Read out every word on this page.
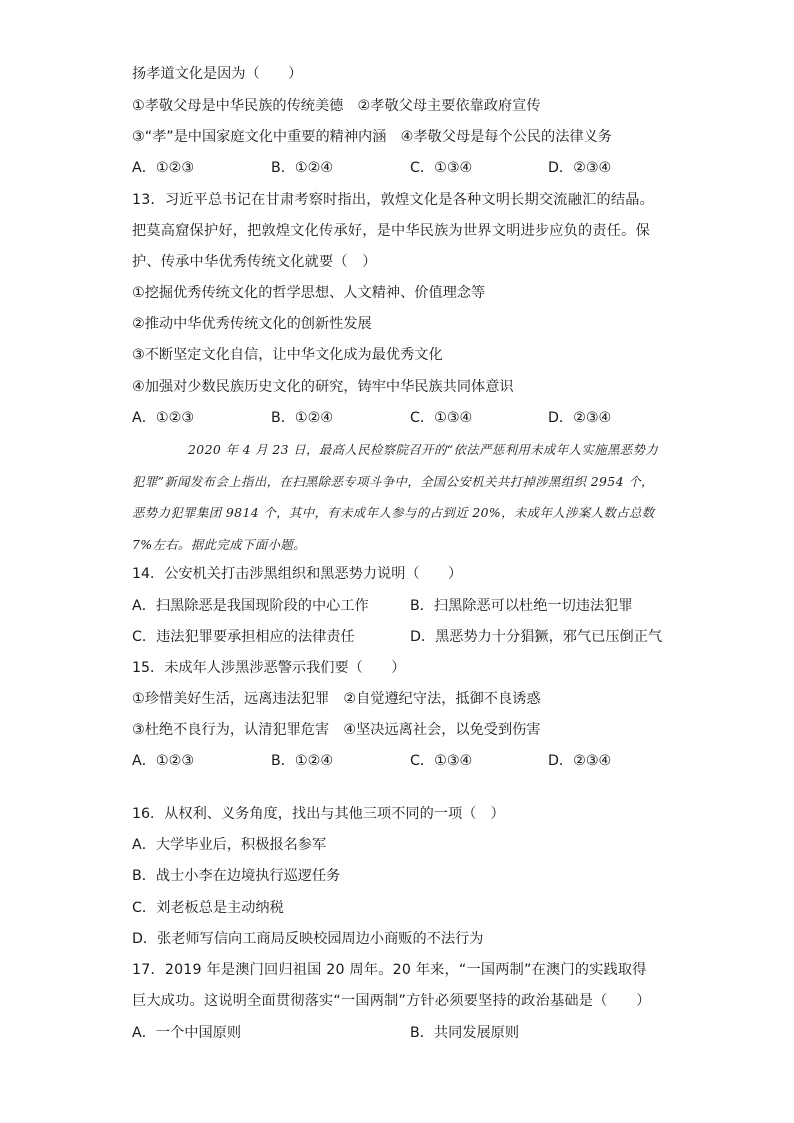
扬孝道文化是因为（　　）
①孝敬父母是中华民族的传统美德　②孝敬父母主要依靠政府宣传
③“孝”是中国家庭文化中重要的精神内涵　④孝敬父母是每个公民的法律义务
A．①②③	B．①②④	C．①③④	D．②③④
13．习近平总书记在甘肃考察时指出，敦煌文化是各种文明长期交流融汇的结晶。把莫高窟保护好，把敦煌文化传承好，是中华民族为世界文明进步应负的责任。保护、传承中华优秀传统文化就要（　）
①挖掘优秀传统文化的哲学思想、人文精神、价值理念等
②推动中华优秀传统文化的创新性发展
③不断坚定文化自信，让中华文化成为最优秀文化
④加强对少数民族历史文化的研究，铸牢中华民族共同体意识
A．①②③	B．①②④	C．①③④	D．②③④
2020 年 4 月 23 日，最高人民检察院召开的“依法严惩利用未成年人实施黑恶势力犯罪”新闻发布会上指出，在扫黑除恶专项斗争中，全国公安机关共打掉涉黑组织 2954 个，恶势力犯罪集团 9814 个，其中，有未成年人参与的占到近 20%，未成年人涉案人数占总数 7%左右。据此完成下面小题。
14．公安机关打击涉黑组织和黑恶势力说明（　　）
A．扫黑除恶是我国现阶段的中心工作	B．扫黑除恶可以杜绝一切违法犯罪
C．违法犯罪要承担相应的法律责任	D．黑恶势力十分猖獗，邪气已压倒正气
15．未成年人涉黑涉恶警示我们要（　　）
①珍惜美好生活，远离违法犯罪　②自觉遵纪守法，抵御不良诱惑
③杜绝不良行为，认清犯罪危害　④坚决远离社会，以免受到伤害
A．①②③	B．①②④	C．①③④	D．②③④
16．从权利、义务角度，找出与其他三项不同的一项（　）
A．大学毕业后，积极报名参军
B．战士小李在边境执行巡逻任务
C．刘老板总是主动纳税
D．张老师写信向工商局反映校园周边小商贩的不法行为
17．2019 年是澳门回归祖国 20 周年。20 年来，“一国两制”在澳门的实践取得巨大成功。这说明全面贯彻落实“一国两制”方针必须要坚持的政治基础是（　　）
A．一个中国原则	B．共同发展原则
